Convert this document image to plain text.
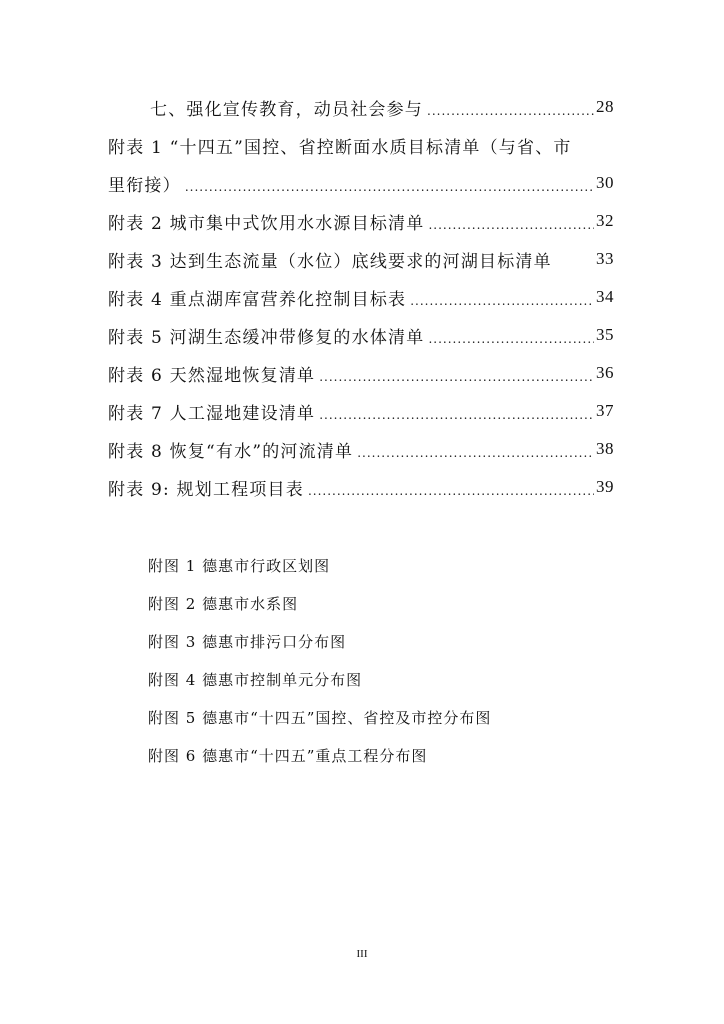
七、强化宣传教育，动员社会参与 .....	28
附表 1 “十四五”国控、省控断面水质目标清单（与省、市
里衔接） .....	30
附表 2 城市集中式饮用水水源目标清单 .....	32
附表 3 达到生态流量（水位）底线要求的河湖目标清单	33
附表 4 重点湖库富营养化控制目标表 .....	34
附表 5 河湖生态缓冲带修复的水体清单 .....	35
附表 6 天然湿地恢复清单 .....	36
附表 7 人工湿地建设清单 .....	37
附表 8 恢复“有水”的河流清单 .....	38
附表 9: 规划工程项目表 .....	39
附图 1 德惠市行政区划图
附图 2 德惠市水系图
附图 3 德惠市排污口分布图
附图 4 德惠市控制单元分布图
附图 5 德惠市“十四五”国控、省控及市控分布图
附图 6 德惠市“十四五”重点工程分布图
III
